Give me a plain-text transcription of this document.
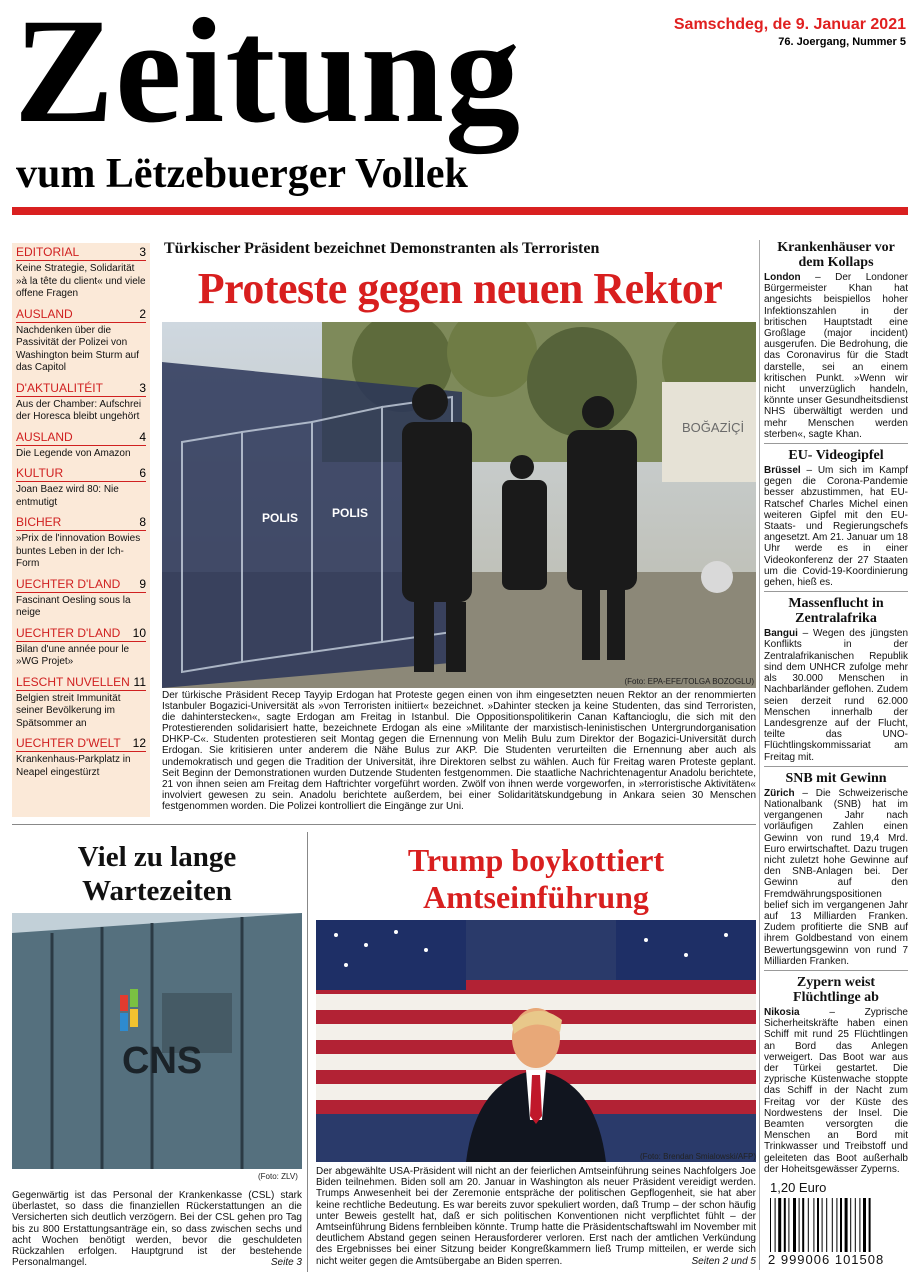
Zeitung
vum Lëtzebuerger Vollek
Samschdeg, de 9. Januar 2021
76. Joergang, Nummer 5
EDITORIAL	3
Keine Strategie, Solidarität »à la tête du client« und viele offene Fragen
AUSLAND	2
Nachdenken über die Passivität der Polizei von Washington beim Sturm auf das Capitol
D'AKTUALITÉIT	3
Aus der Chamber: Aufschrei der Horesca bleibt ungehört
AUSLAND	4
Die Legende von Amazon
KULTUR	6
Joan Baez wird 80: Nie entmutigt
BICHER	8
»Prix de l'innovation Bowies buntes Leben in der Ich-Form
UECHTER D'LAND 9
Fascinant Oesling sous la neige
UECHTER D'LAND 10
Bilan d'une année pour le »WG Projet»
LESCHT NUVELLEN 11
Belgien streit Immunität seiner Bevölkerung im Spätsommer an
UECHTER D'WELT 12
Krankenhaus-Parkplatz in Neapel eingestürzt
Türkischer Präsident bezeichnet Demonstranten als Terroristen
Proteste gegen neuen Rektor
BOĞAZİÇİ
POLIS	POLIS
(Foto: EPA-EFE/TOLGA BOZOGLU)
Der türkische Präsident Recep Tayyip Erdogan hat Proteste gegen einen von ihm eingesetzten neuen Rektor an der renommierten Istanbuler Bogazici-Universität als »von Terroristen initiiert« bezeichnet. »Dahinter stecken ja keine Studenten, das sind Terroristen, die dahinterstecken«, sagte Erdogan am Freitag in Istanbul. Die Oppositionspolitikerin Canan Kaftancioglu, die sich mit den Protestierenden solidarisiert hatte, bezeichnete Erdogan als eine »Militante der marxistisch-leninistischen Untergrundorganisation DHKP-C«. Studenten protestieren seit Montag gegen die Ernennung von Melih Bulu zum Direktor der Bogazici-Universität durch Erdogan. Sie kritisieren unter anderem die Nähe Bulus zur AKP. Die Studenten verurteilten die Ernennung aber auch als undemokratisch und gegen die Tradition der Universität, ihre Direktoren selbst zu wählen. Auch für Freitag waren Proteste geplant. Seit Beginn der Demonstrationen wurden Dutzende Studenten festgenommen. Die staatliche Nachrichtenagentur Anadolu berichtete, 21 von ihnen seien am Freitag dem Haftrichter vorgeführt worden. Zwölf von ihnen werde vorgeworfen, in »terroristische Aktivitäten« involviert gewesen zu sein. Anadolu berichtete außerdem, bei einer Solidaritätskundgebung in Ankara seien 30 Menschen festgenommen worden. Die Polizei kontrolliert die Eingänge zur Uni.
Krankenhäuser vor dem Kollaps
London – Der Londoner Bürgermeister Khan hat angesichts beispiellos hoher Infektionszahlen in der britischen Hauptstadt eine Großlage (major incident) ausgerufen. Die Bedrohung, die das Coronavirus für die Stadt darstelle, sei an einem kritischen Punkt. »Wenn wir nicht unverzüglich handeln, könnte unser Gesundheitsdienst NHS überwältigt werden und mehr Menschen werden sterben«, sagte Khan.
EU- Videogipfel
Brüssel – Um sich im Kampf gegen die Corona-Pandemie besser abzustimmen, hat EU-Ratschef Charles Michel einen weiteren Gipfel mit den EU-Staats- und Regierungschefs angesetzt. Am 21. Januar um 18 Uhr werde es in einer Videokonferenz der 27 Staaten um die Covid-19-Koordinierung gehen, hieß es.
Massenflucht in Zentralafrika
Bangui – Wegen des jüngsten Konflikts in der Zentralafrikanischen Republik sind dem UNHCR zufolge mehr als 30.000 Menschen in Nachbarländer geflohen. Zudem seien derzeit rund 62.000 Menschen innerhalb der Landesgrenze auf der Flucht, teilte das UNO-Flüchtlingskommissariat am Freitag mit.
SNB mit Gewinn
Zürich – Die Schweizerische Nationalbank (SNB) hat im vergangenen Jahr nach vorläufigen Zahlen einen Gewinn von rund 19,4 Mrd. Euro erwirtschaftet. Dazu trugen nicht zuletzt hohe Gewinne auf den SNB-Anlagen bei. Der Gewinn auf den Fremdwährungspositionen belief sich im vergangenen Jahr auf 13 Milliarden Franken. Zudem profitierte die SNB auf ihrem Goldbestand von einem Bewertungsgewinn von rund 7 Milliarden Franken.
Zypern weist Flüchtlinge ab
Nikosia – Zyprische Sicherheitskräfte haben einen Schiff mit rund 25 Flüchtlingen an Bord das Anlegen verweigert. Das Boot war aus der Türkei gestartet. Die zyprische Küstenwache stoppte das Schiff in der Nacht zum Freitag vor der Küste des Nordwestens der Insel. Die Beamten versorgten die Menschen an Bord mit Trinkwasser und Treibstoff und geleiteten das Boot außerhalb der Hoheitsgewässer Zyperns.
Viel zu lange Wartezeiten
CNS
(Foto: ZLV)
Gegenwärtig ist das Personal der Krankenkasse (CSL) stark überlastet, so dass die finanziellen Rückerstattungen an die Versicherten sich deutlich verzögern. Bei der CSL gehen pro Tag bis zu 800 Erstattungsanträge ein, so dass zwischen sechs und acht Wochen benötigt werden, bevor die geschuldeten Rückzahlen erfolgen. Hauptgrund ist der bestehende Personalmangel.	Seite 3
Trump boykottiert Amtseinführung
(Foto: Brendan Smialowski/AFP)
Der abgewählte USA-Präsident will nicht an der feierlichen Amtseinführung seines Nachfolgers Joe Biden teilnehmen. Biden soll am 20. Januar in Washington als neuer Präsident vereidigt werden. Trumps Anwesenheit bei der Zeremonie entspräche der politischen Gepflogenheit, sie hat aber keine rechtliche Bedeutung. Es war bereits zuvor spekuliert worden, daß Trump – der schon häufig unter Beweis gestellt hat, daß er sich politischen Konventionen nicht verpflichtet fühlt – der Amtseinführung Bidens fernbleiben könnte. Trump hatte die Präsidentschaftswahl im November mit deutlichem Abstand gegen seinen Herausforderer verloren. Erst nach der amtlichen Verkündung des Ergebnisses bei einer Sitzung beider Kongreßkammern ließ Trump mitteilen, er werde sich nicht weiter gegen die Amtsübergabe an Biden sperren.	Seiten 2 und 5
1,20 Euro
2 999006 101508
